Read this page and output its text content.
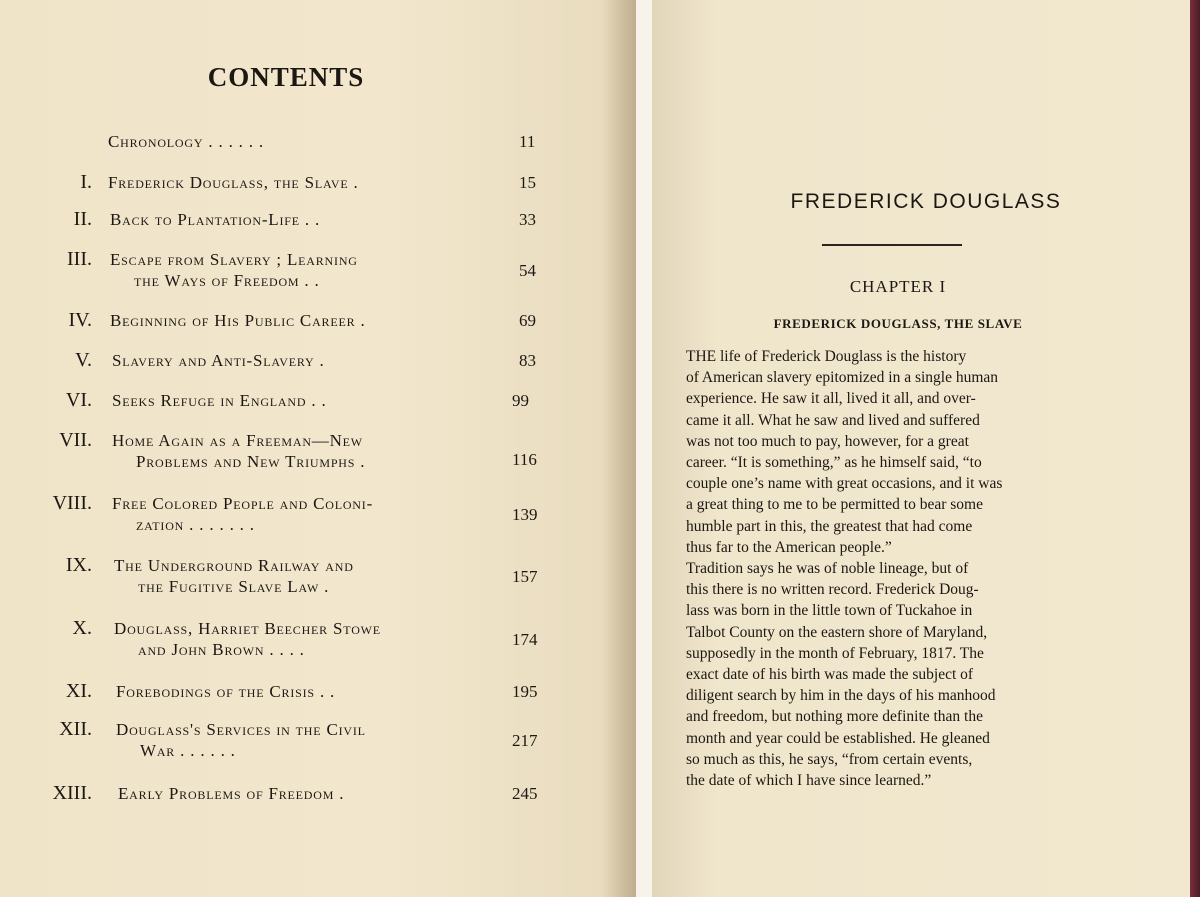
CONTENTS
Chronology . . . . . .	11
I. Frederick Douglass, the Slave .	15
II. Back to Plantation-Life . .	33
III. Escape from Slavery ; Learning
the Ways of Freedom . .
54
IV. Beginning of His Public Career .	69
V. Slavery and Anti-Slavery .	83
VI. Seeks Refuge in England . .	99
VII. Home Again as a Freeman—New
Problems and New Triumphs .	116
VIII. Free Colored People and Coloni-
zation . . . . . . .
139
IX. The Underground Railway and
the Fugitive Slave Law .
157
X. Douglass, Harriet Beecher Stowe
and John Brown . . . .
174
XI. Forebodings of the Crisis . .	195
XII. Douglass's Services in the Civil
War . . . . . .
217
XIII. Early Problems of Freedom .	245
FREDERICK DOUGLASS
CHAPTER I
FREDERICK DOUGLASS, THE SLAVE
THE life of Frederick Douglass is the history
of American slavery epitomized in a single human
experience. He saw it all, lived it all, and over-
came it all. What he saw and lived and suffered
was not too much to pay, however, for a great
career. “It is something,” as he himself said, “to
couple one’s name with great occasions, and it was
a great thing to me to be permitted to bear some
humble part in this, the greatest that had come
thus far to the American people.”
Tradition says he was of noble lineage, but of
this there is no written record. Frederick Doug-
lass was born in the little town of Tuckahoe in
Talbot County on the eastern shore of Maryland,
supposedly in the month of February, 1817. The
exact date of his birth was made the subject of
diligent search by him in the days of his manhood
and freedom, but nothing more definite than the
month and year could be established. He gleaned
so much as this, he says, “from certain events,
the date of which I have since learned.”
